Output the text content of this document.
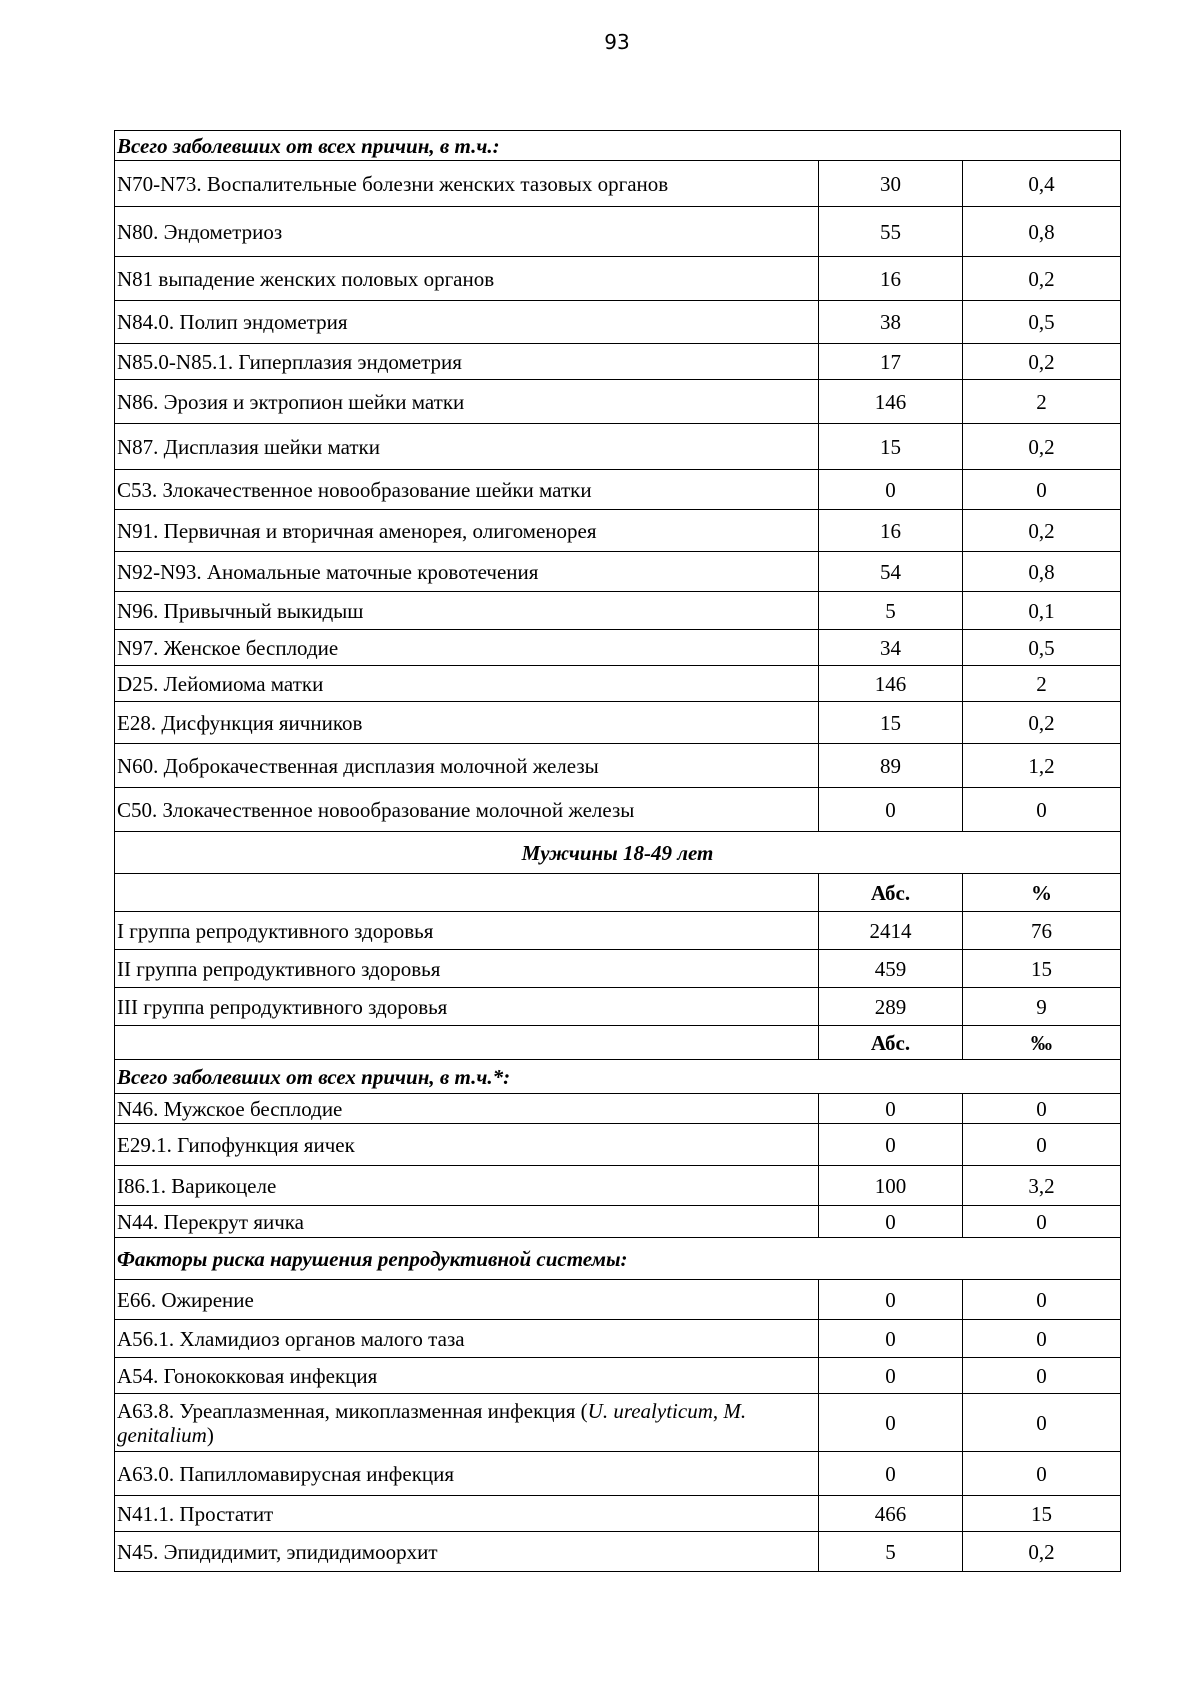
93
Всего заболевших от всех причин, в т.ч.:		
N70-N73. Воспалительные болезни женских тазовых органов	30	0,4
N80. Эндометриоз	55	0,8
N81 выпадение женских половых органов	16	0,2
N84.0. Полип эндометрия	38	0,5
N85.0-N85.1. Гиперплазия эндометрия	17	0,2
N86. Эрозия и эктропион шейки матки	146	2
N87. Дисплазия шейки матки	15	0,2
C53. Злокачественное новообразование шейки матки	0	0
N91. Первичная и вторичная аменорея, олигоменорея	16	0,2
N92-N93. Аномальные маточные кровотечения	54	0,8
N96. Привычный выкидыш	5	0,1
N97. Женское бесплодие	34	0,5
D25. Лейомиома матки	146	2
E28. Дисфункция яичников	15	0,2
N60. Доброкачественная дисплазия молочной железы	89	1,2
C50. Злокачественное новообразование молочной железы	0	0
Мужчины 18-49 лет		
	Абс.	%
I группа репродуктивного здоровья	2414	76
II группа репродуктивного здоровья	459	15
III группа репродуктивного здоровья	289	9
	Абс.	‰
Всего заболевших от всех причин, в т.ч.*:		
N46. Мужское бесплодие	0	0
E29.1. Гипофункция яичек	0	0
I86.1. Варикоцеле	100	3,2
N44. Перекрут яичка	0	0
Факторы риска нарушения репродуктивной системы:		
E66. Ожирение	0	0
A56.1. Хламидиоз органов малого таза	0	0
A54. Гонококковая инфекция	0	0
A63.8. Уреаплазменная, микоплазменная инфекция (U. urealyticum, M. genitalium)	0	0
A63.0. Папилломавирусная инфекция	0	0
N41.1. Простатит	466	15
N45. Эпидидимит, эпидидимоорхит	5	0,2
